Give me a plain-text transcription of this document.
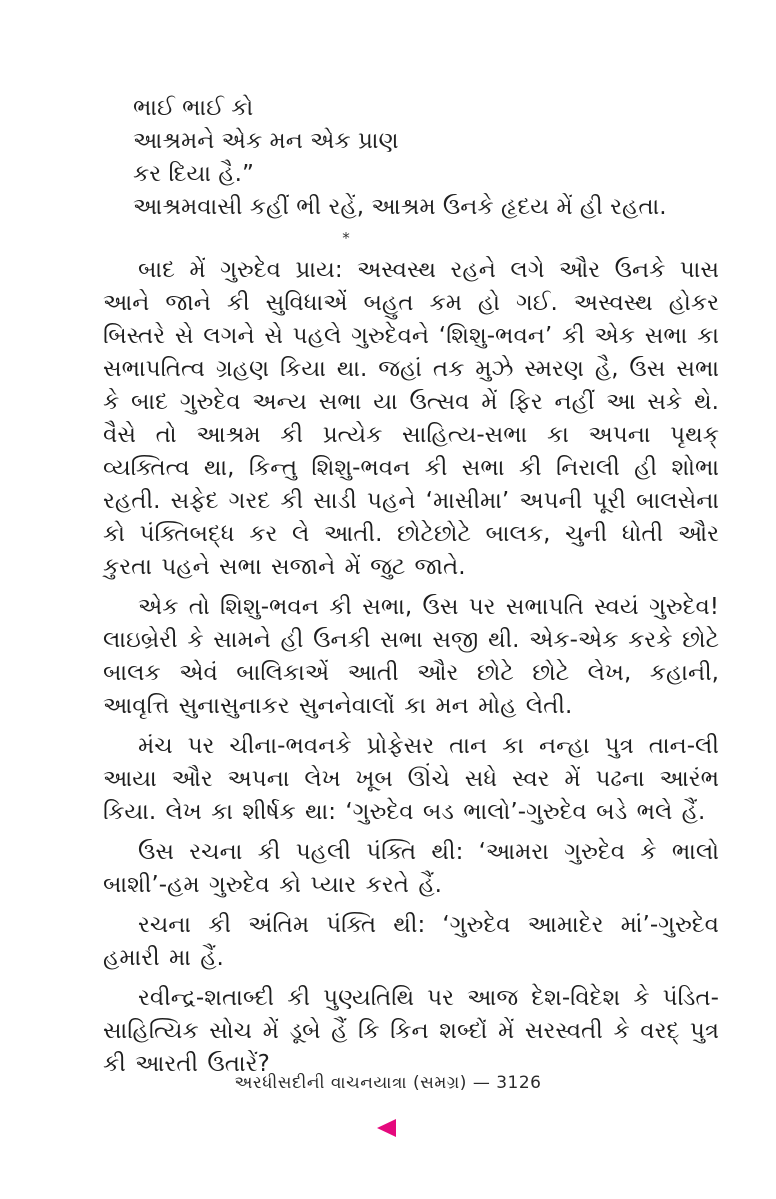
ભાઈ ભાઈ કો
આશ્રમને એક મન એક પ્રાણ
કર દિયા હૈ.”
આશ્રમવાસી કહીં ભી રહેં, આશ્રમ ઉનકે હૃદય મેં હી રહતા.
*

બાદ મેં ગુરુદેવ પ્રાય: અસ્વસ્થ રહને લગે ઔર ઉનકે પાસ આને જાને કી સુવિધાએં બહુત કમ હો ગઈ. અસ્વસ્થ હોકર બિસ્તરે સે લગને સે પહલે ગુરુદેવને ‘શિશુ-ભવન’ કી એક સભા કા સભાપતિત્વ ગ્રહણ કિયા થા. જહાં તક મુઝે સ્મરણ હૈ, ઉસ સભા કે બાદ ગુરુદેવ અન્ય સભા યા ઉત્સવ મેં ફિર નહીં આ સકે થે. વૈસે તો આશ્રમ કી પ્રત્યેક સાહિત્ય-સભા કા અપના પૃથક્ વ્યક્તિત્વ થા, કિન્તુ શિશુ-ભવન કી સભા કી નિરાલી હી શોભા રહતી. સફેદ ગરદ કી સાડી પહને ‘માસીમા’ અપની પૂરી બાલસેના કો પંક્તિબદ્ધ કર લે આતી. છોટેછોટે બાલક, ચુની ધોતી ઔર કુરતા પહને સભા સજાને મેં જુટ જાતે.

એક તો શિશુ-ભવન કી સભા, ઉસ પર સભાપતિ સ્વયં ગુરુદેવ! લાઇબ્રેરી કે સામને હી ઉનકી સભા સજી થી. એક-એક કરકે છોટે બાલક એવં બાલિકાએં આતી ઔર છોટે છોટે લેખ, કહાની, આવૃત્તિ સુનાસુનાકર સુનનેવાલોં કા મન મોહ લેતી.

મંચ પર ચીના-ભવનકે પ્રોફેસર તાન કા નન્હા પુત્ર તાન-લી આયા ઔર અપના લેખ ખૂબ ઊંચે સધે સ્વર મેં પઢના આરંભ કિયા. લેખ કા શીર્ષક થા: ‘ગુરુદેવ બડ ભાલો’-ગુરુદેવ બડે ભલે હૈં.

ઉસ રચના કી પહલી પંક્તિ થી: ‘આમરા ગુરુદેવ કે ભાલો બાશી’-હમ ગુરુદેવ કો પ્યાર કરતે હૈં.

રચના કી અંતિમ પંક્તિ થી: ‘ગુરુદેવ આમાદેર માં’-ગુરુદેવ હમારી મા હૈં.

રવીન્દ્ર-શતાબ્દી કી પુણ્યતિથિ પર આજ દેશ-વિદેશ કે પંડિત-સાહિત્યિક સોચ મેં ડૂબે હૈં કિ કિન શબ્દોં મેં સરસ્વતી કે વરદ્ પુત્ર કી આરતી ઉતારેં?

અરધીસદીની વાચનયાત્રા (સમગ્ર) — 3126
